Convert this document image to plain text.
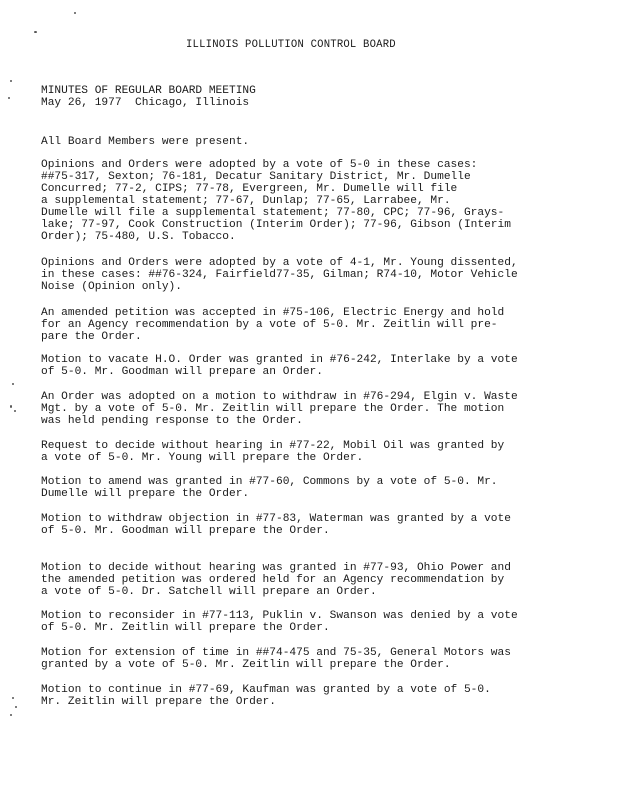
ILLINOIS POLLUTION CONTROL BOARD
MINUTES OF REGULAR BOARD MEETING
May 26, 1977  Chicago, Illinois
All Board Members were present.
Opinions and Orders were adopted by a vote of 5-0 in these cases:
##75-317, Sexton; 76-181, Decatur Sanitary District, Mr. Dumelle
Concurred; 77-2, CIPS; 77-78, Evergreen, Mr. Dumelle will file
a supplemental statement; 77-67, Dunlap; 77-65, Larrabee, Mr.
Dumelle will file a supplemental statement; 77-80, CPC; 77-96, Grays-
lake; 77-97, Cook Construction (Interim Order); 77-96, Gibson (Interim
Order); 75-480, U.S. Tobacco.
Opinions and Orders were adopted by a vote of 4-1, Mr. Young dissented,
in these cases: ##76-324, Fairfield77-35, Gilman; R74-10, Motor Vehicle
Noise (Opinion only).
An amended petition was accepted in #75-106, Electric Energy and hold
for an Agency recommendation by a vote of 5-0. Mr. Zeitlin will pre-
pare the Order.
Motion to vacate H.O. Order was granted in #76-242, Interlake by a vote
of 5-0. Mr. Goodman will prepare an Order.
An Order was adopted on a motion to withdraw in #76-294, Elgin v. Waste
Mgt. by a vote of 5-0. Mr. Zeitlin will prepare the Order. The motion
was held pending response to the Order.
Request to decide without hearing in #77-22, Mobil Oil was granted by
a vote of 5-0. Mr. Young will prepare the Order.
Motion to amend was granted in #77-60, Commons by a vote of 5-0. Mr.
Dumelle will prepare the Order.
Motion to withdraw objection in #77-83, Waterman was granted by a vote
of 5-0. Mr. Goodman will prepare the Order.
Motion to decide without hearing was granted in #77-93, Ohio Power and
the amended petition was ordered held for an Agency recommendation by
a vote of 5-0. Dr. Satchell will prepare an Order.
Motion to reconsider in #77-113, Puklin v. Swanson was denied by a vote
of 5-0. Mr. Zeitlin will prepare the Order.
Motion for extension of time in ##74-475 and 75-35, General Motors was
granted by a vote of 5-0. Mr. Zeitlin will prepare the Order.
Motion to continue in #77-69, Kaufman was granted by a vote of 5-0.
Mr. Zeitlin will prepare the Order.
